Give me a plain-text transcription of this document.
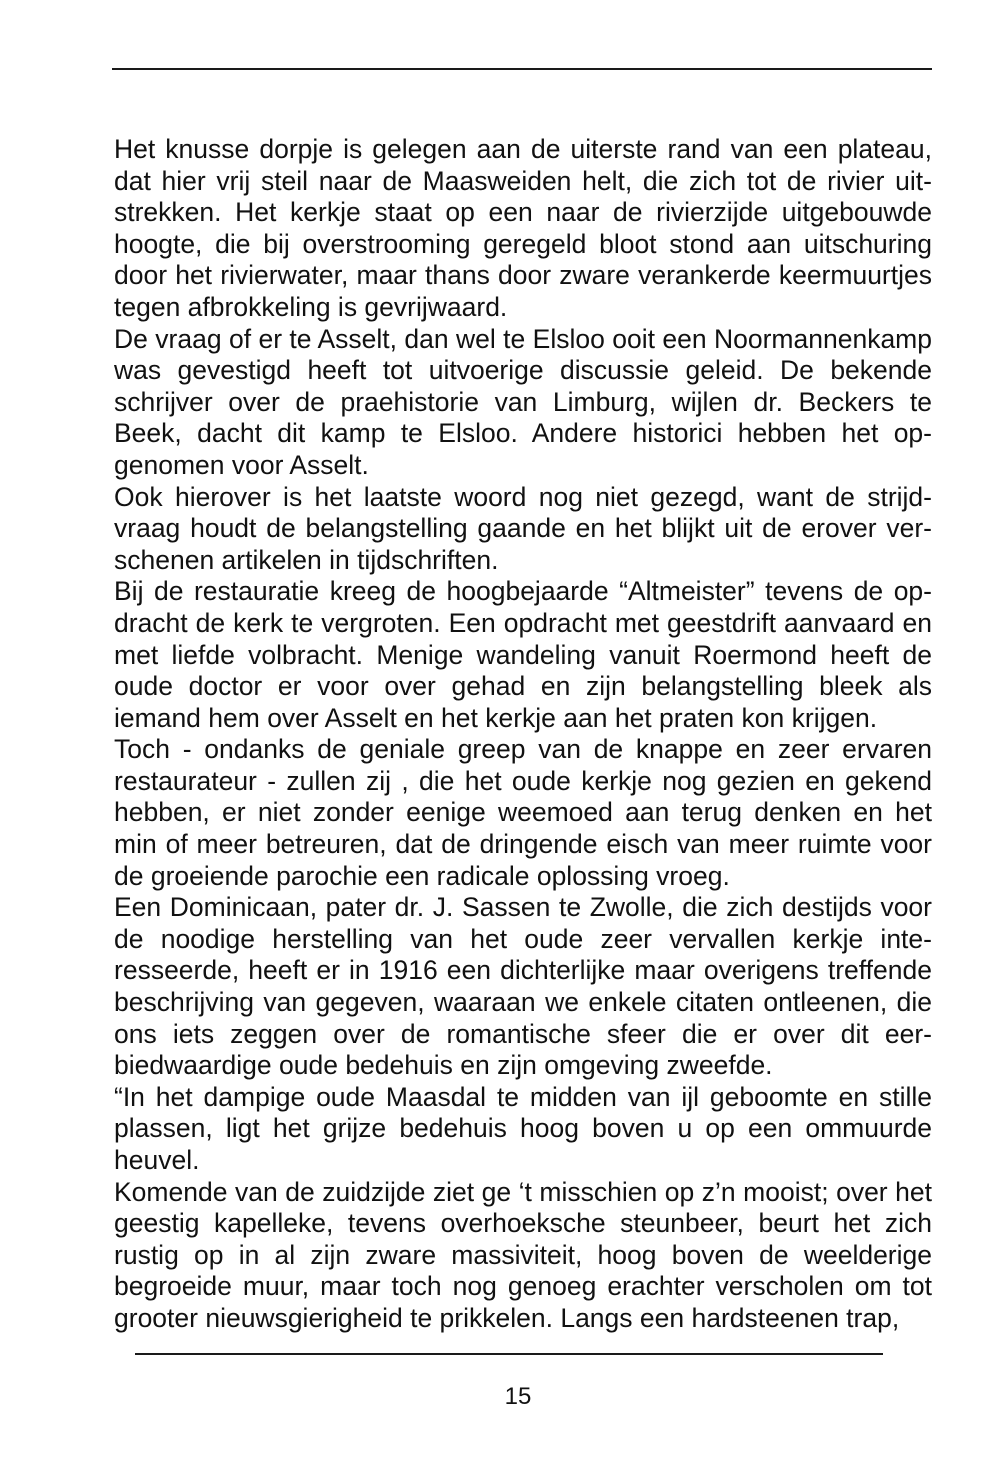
Het knusse dorpje is gelegen aan de uiterste rand van een plateau, dat hier vrij steil naar de Maasweiden helt, die zich tot de rivier uitstrekken. Het kerkje staat op een naar de rivierzijde uitgebouwde hoogte, die bij overstrooming geregeld bloot stond aan uitschuring door het rivierwater, maar thans door zware verankerde keermuurtjes tegen afbrokkeling is gevrijwaard.

De vraag of er te Asselt, dan wel te Elsloo ooit een Noormannenkamp was gevestigd heeft tot uitvoerige discussie geleid. De bekende schrijver over de praehistorie van Limburg, wijlen dr. Beckers te Beek, dacht dit kamp te Elsloo. Andere historici hebben het opgenomen voor Asselt.

Ook hierover is het laatste woord nog niet gezegd, want de strijdvraag houdt de belangstelling gaande en het blijkt uit de erover verschenen artikelen in tijdschriften.

Bij de restauratie kreeg de hoogbejaarde “Altmeister” tevens de opdracht de kerk te vergroten. Een opdracht met geestdrift aanvaard en met liefde volbracht. Menige wandeling vanuit Roermond heeft de oude doctor er voor over gehad en zijn belangstelling bleek als iemand hem over Asselt en het kerkje aan het praten kon krijgen.

Toch - ondanks de geniale greep van de knappe en zeer ervaren restaurateur - zullen zij , die het oude kerkje nog gezien en gekend hebben, er niet zonder eenige weemoed aan terug denken en het min of meer betreuren, dat de dringende eisch van meer ruimte voor de groeiende parochie een radicale oplossing vroeg.

Een Dominicaan, pater dr. J. Sassen te Zwolle, die zich destijds voor de noodige herstelling van het oude zeer vervallen kerkje interesseerde, heeft er in 1916 een dichterlijke maar overigens treffende beschrijving van gegeven, waaraan we enkele citaten ontleenen, die ons iets zeggen over de romantische sfeer die er over dit eerbiedwaardige oude bedehuis en zijn omgeving zweefde.

“In het dampige oude Maasdal te midden van ijl geboomte en stille plassen, ligt het grijze bedehuis hoog boven u op een ommuurde heuvel.

Komende van de zuidzijde ziet ge ‘t misschien op z’n mooist; over het geestig kapelleke, tevens overhoeksche steunbeer, beurt het zich rustig op in al zijn zware massiviteit, hoog boven de weelderige begroeide muur, maar toch nog genoeg erachter verscholen om tot grooter nieuwsgierigheid te prikkelen. Langs een hardsteenen trap,

15
